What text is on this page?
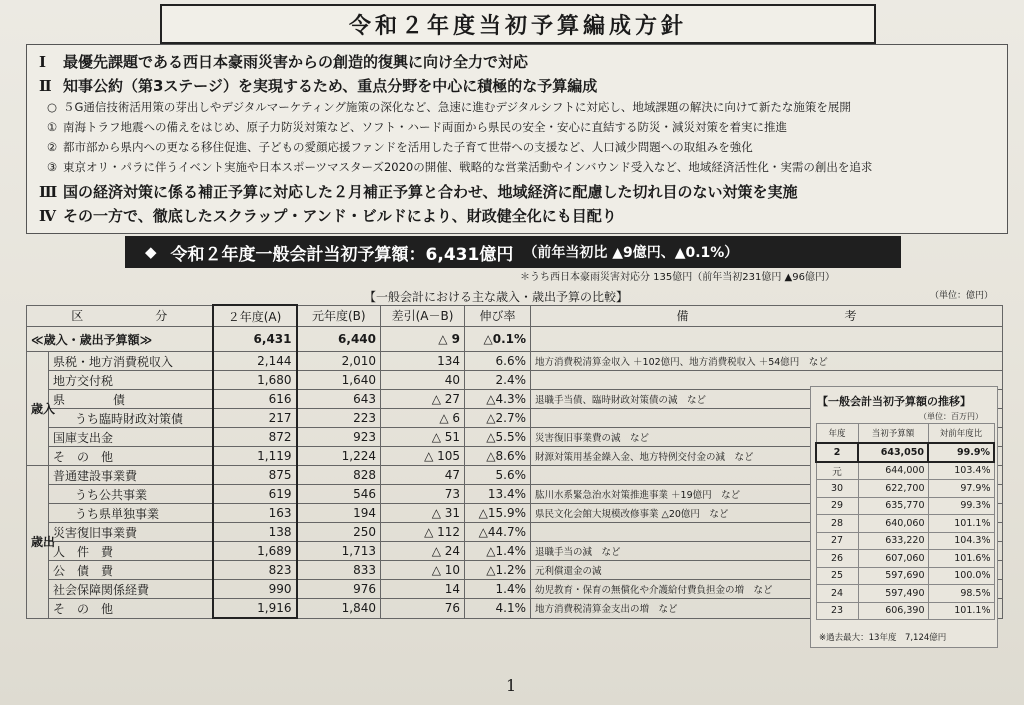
令和２年度当初予算編成方針
Ⅰ 最優先課題である西日本豪雨災害からの創造的復興に向け全力で対応
Ⅱ 知事公約（第3ステージ）を実現するため、重点分野を中心に積極的な予算編成
○ ５G通信技術活用策の芽出しやデジタルマーケティング施策の深化など、急速に進むデジタルシフトに対応し、地域課題の解決に向けて新たな施策を展開
① 南海トラフ地震への備えをはじめ、原子力防災対策など、ソフト・ハード両面から県民の安全・安心に直結する防災・減災対策を着実に推進
② 都市部から県内への更なる移住促進、子どもの愛顔応援ファンドを活用した子育て世帯への支援など、人口減少問題への取組みを強化
③ 東京オリ・パラに伴うイベント実施や日本スポーツマスターズ2020の開催、戦略的な営業活動やインバウンド受入など、地域経済活性化・実需の創出を追求
Ⅲ 国の経済対策に係る補正予算に対応した２月補正予算と合わせ、地域経済に配慮した切れ目のない対策を実施
Ⅳ その一方で、徹底したスクラップ・アンド・ビルドにより、財政健全化にも目配り
◆ 令和２年度一般会計当初予算額：6,431億円 （前年当初比 ▲9億円、▲0.1%）
＊うち西日本豪雨災害対応分 135億円（前年当初231億円 ▲96億円）
【一般会計における主な歳入・歳出予算の比較】	（単位：億円）
区　　　　　　分		２年度(A)	元年度(B)	差引(A－B)	伸び率	備　　　　　　　　　　　　　考
≪歳入・歳出予算額≫		6,431	6,440	△ 9	△0.1%	
歳入	県税・地方消費税収入	2,144	2,010	134	6.6%	地方消費税清算金収入 ＋102億円、地方消費税収入 ＋54億円　など
	地方交付税	1,680	1,640	40	2.4%	
	県　　　　債	616	643	△ 27	△4.3%	退職手当債、臨時財政対策債の減　など
	うち臨時財政対策債	217	223	△ 6	△2.7%	
	国庫支出金	872	923	△ 51	△5.5%	災害復旧事業費の減　など
	そ　の　他	1,119	1,224	△ 105	△8.6%	財源対策用基金繰入金、地方特例交付金の減　など
歳出	普通建設事業費	875	828	47	5.6%	
	うち公共事業	619	546	73	13.4%	肱川水系緊急治水対策推進事業 ＋19億円　など
	うち県単独事業	163	194	△ 31	△15.9%	県民文化会館大規模改修事業 △20億円　など
	災害復旧事業費	138	250	△ 112	△44.7%	
	人　件　費	1,689	1,713	△ 24	△1.4%	退職手当の減　など
	公　債　費	823	833	△ 10	△1.2%	元利償還金の減
	社会保障関係経費	990	976	14	1.4%	幼児教育・保育の無償化や介護給付費負担金の増　など
	そ　の　他	1,916	1,840	76	4.1%	地方消費税清算金支出の増　など
【一般会計当初予算額の推移】
（単位：百万円）
年度	当初予算額	対前年度比
2	643,050	99.9%
元	644,000	103.4%
30	622,700	97.9%
29	635,770	99.3%
28	640,060	101.1%
27	633,220	104.3%
26	607,060	101.6%
25	597,690	100.0%
24	597,490	98.5%
23	606,390	101.1%
※過去最大：13年度　7,124億円
1
